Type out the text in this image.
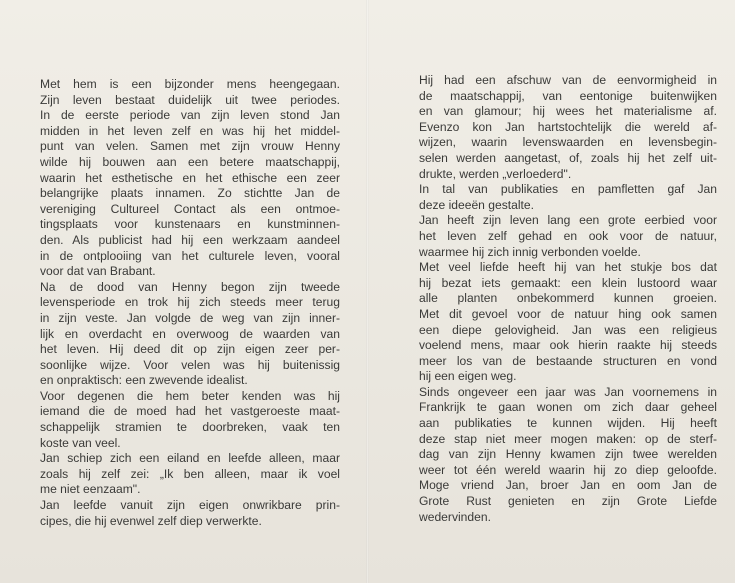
Met hem is een bijzonder mens heengegaan.
Zijn leven bestaat duidelijk uit twee periodes.
In de eerste periode van zijn leven stond Jan
midden in het leven zelf en was hij het middel-
punt van velen. Samen met zijn vrouw Henny
wilde hij bouwen aan een betere maatschappij,
waarin het esthetische en het ethische een zeer
belangrijke plaats innamen. Zo stichtte Jan de
vereniging Cultureel Contact als een ontmoe-
tingsplaats voor kunstenaars en kunstminnen-
den. Als publicist had hij een werkzaam aandeel
in de ontplooiing van het culturele leven, vooral
voor dat van Brabant.
Na de dood van Henny begon zijn tweede
levensperiode en trok hij zich steeds meer terug
in zijn veste. Jan volgde de weg van zijn inner-
lijk en overdacht en overwoog de waarden van
het leven. Hij deed dit op zijn eigen zeer per-
soonlijke wijze. Voor velen was hij buitenissig
en onpraktisch: een zwevende idealist.
Voor degenen die hem beter kenden was hij
iemand die de moed had het vastgeroeste maat-
schappelijk stramien te doorbreken, vaak ten
koste van veel.
Jan schiep zich een eiland en leefde alleen, maar
zoals hij zelf zei: „Ik ben alleen, maar ik voel
me niet eenzaam".
Jan leefde vanuit zijn eigen onwrikbare prin-
cipes, die hij evenwel zelf diep verwerkte.
Hij had een afschuw van de eenvormigheid in
de maatschappij, van eentonige buitenwijken
en van glamour; hij wees het materialisme af.
Evenzo kon Jan hartstochtelijk die wereld af-
wijzen, waarin levenswaarden en levensbegin-
selen werden aangetast, of, zoals hij het zelf uit-
drukte, werden „verloederd".
In tal van publikaties en pamfletten gaf Jan
deze ideeën gestalte.
Jan heeft zijn leven lang een grote eerbied voor
het leven zelf gehad en ook voor de natuur,
waarmee hij zich innig verbonden voelde.
Met veel liefde heeft hij van het stukje bos dat
hij bezat iets gemaakt: een klein lustoord waar
alle planten onbekommerd kunnen groeien.
Met dit gevoel voor de natuur hing ook samen
een diepe gelovigheid. Jan was een religieus
voelend mens, maar ook hierin raakte hij steeds
meer los van de bestaande structuren en vond
hij een eigen weg.
Sinds ongeveer een jaar was Jan voornemens in
Frankrijk te gaan wonen om zich daar geheel
aan publikaties te kunnen wijden. Hij heeft
deze stap niet meer mogen maken: op de sterf-
dag van zijn Henny kwamen zijn twee werelden
weer tot één wereld waarin hij zo diep geloofde.
Moge vriend Jan, broer Jan en oom Jan de
Grote Rust genieten en zijn Grote Liefde
wedervinden.
